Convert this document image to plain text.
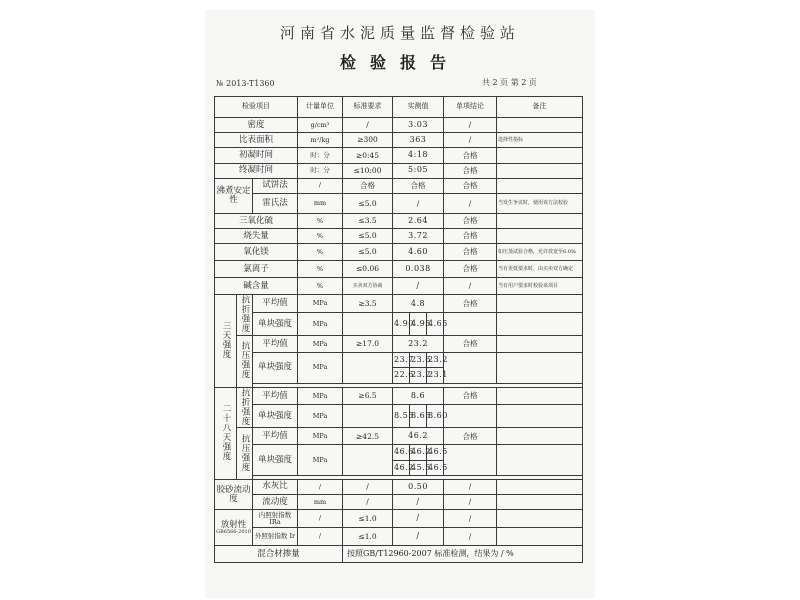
河南省水泥质量监督检验站
检验报告
№ 2013-T1360	共 2 页 第 2 页
检验项目			计量单位	标准要求	实测值			单项结论	备注
密度			g/cm³	/	3.03			/	
比表面积			m²/kg	≥300	363			/	选择性指标
初凝时间			时：分	≥0:45	4:18			合格	
终凝时间			时：分	≤10:00	5:05			合格	
沸煮安定性		试饼法	/	合格	合格			合格	
		雷氏法	mm	≤5.0	/			/	当发生争议时，使用该方法校验
三氧化硫			%	≤3.5	2.64			合格	
烧失量			%	≤5.0	3.72			合格	
氧化镁			%	≤5.0	4.60			合格	如压蒸试验合格，允许放宽至6.0%
氯离子			%	≤0.06	0.038			合格	当有更低要求时，由买卖双方确定
碱含量			%	买卖双方协商	/			/	当有用户要求时校验该项目
三天强度	抗折强度	平均值	MPa	≥3.5	4.8			合格	
		单块强度	MPa		4.90	4.95	4.65		
	抗压强度	平均值	MPa	≥17.0	23.2			合格	
		单块强度	MPa		23.7	23.6	23.2		
					22.6	23.2	23.1		

二十八天强度	抗折强度	平均值	MPa	≥6.5	8.6			合格	
		单块强度	MPa		8.55	8.65	8.60		
	抗压强度	平均值	MPa	≥42.5	46.2			合格	
		单块强度	MPa		46.6	46.2	46.5		
					46.2	45.5	46.5		

胶砂流动度		水灰比	/	/	0.50			/	
		流动度	mm	/	/			/	

放射性
GB6566-2010		内照射指数 IRa	/	≤1.0	/			/	
		外照射指数 Ir	/	≤1.0	/			/	
混合材掺量				按照GB/T12960-2007 标准检测，结果为 / %					
